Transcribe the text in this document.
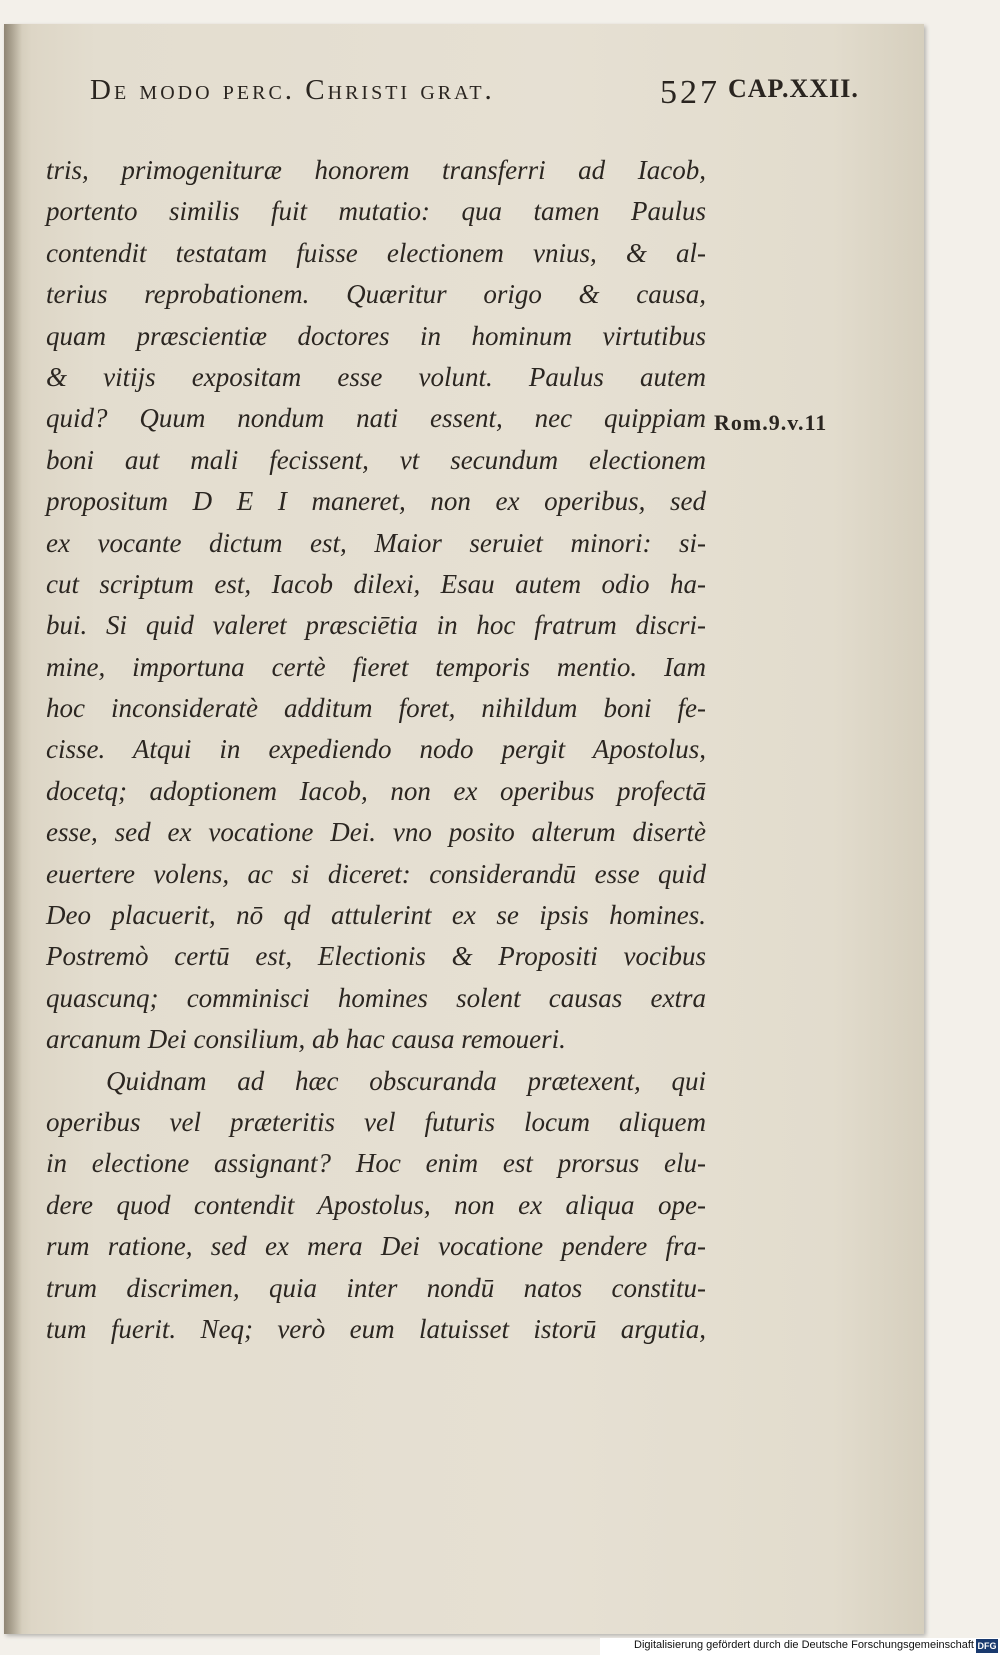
De modo perc. Christi grat.	527 CAP.XXII.
Rom.9.v.11
tris, primogenituræ honorem transferri ad Iacob,
portento similis fuit mutatio: qua tamen Paulus
contendit testatam fuisse electionem vnius, & al-
terius reprobationem. Quæritur origo & causa,
quam præscientiæ doctores in hominum virtutibus
& vitijs expositam esse volunt. Paulus autem
quid? Quum nondum nati essent, nec quippiam
boni aut mali fecissent, vt secundum electionem
propositum D E I maneret, non ex operibus, sed
ex vocante dictum est, Maior seruiet minori: si-
cut scriptum est, Iacob dilexi, Esau autem odio ha-
bui. Si quid valeret præsciētia in hoc fratrum discri-
mine, importuna certè fieret temporis mentio. Iam
hoc inconsideratè additum foret, nihildum boni fe-
cisse. Atqui in expediendo nodo pergit Apostolus,
docetq; adoptionem Iacob, non ex operibus profectā
esse, sed ex vocatione Dei. vno posito alterum disertè
euertere volens, ac si diceret: considerandū esse quid
Deo placuerit, nō qd attulerint ex se ipsis homines.
Postremò certū est, Electionis & Propositi vocibus
quascunq; comminisci homines solent causas extra
arcanum Dei consilium, ab hac causa remoueri.
Quidnam ad hæc obscuranda prætexent, qui
operibus vel præteritis vel futuris locum aliquem
in electione assignant? Hoc enim est prorsus elu-
dere quod contendit Apostolus, non ex aliqua ope-
rum ratione, sed ex mera Dei vocatione pendere fra-
trum discrimen, quia inter nondū natos constitu-
tum fuerit. Neq; verò eum latuisset istorū argutia,
Digitalisierung gefördert durch die Deutsche Forschungsgemeinschaft DFG
